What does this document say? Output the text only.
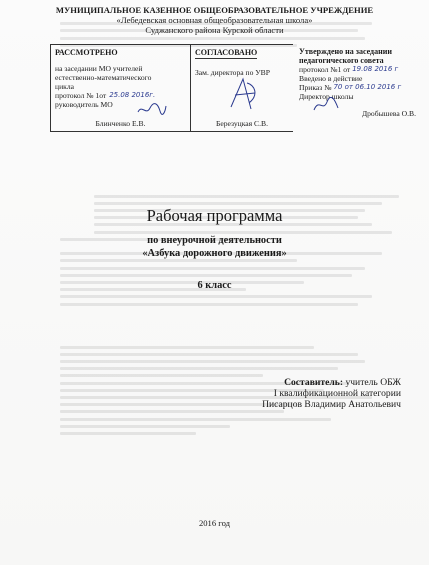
МУНИЦИПАЛЬНОЕ КАЗЕННОЕ ОБЩЕОБРАЗОВАТЕЛЬНОЕ УЧРЕЖДЕНИЕ
«Лебедевская основная общеобразовательная школа»
Суджанского района Курской области
РАССМОТРЕНО
на заседании МО учителей
естественно-математического
цикла
протокол № 1от 25.08 2016г.
руководитель МО
Блинченко Е.В.
СОГЛАСОВАНО
Зам. директора по УВР
Березуцкая С.В.
Утверждено на заседании педагогического совета
протокол №1 от 19.08 2016 г
Введено в действие
Приказ № 70 от 06.10 2016 г
Директор школы
Дробышева О.В.
Рабочая программа
по внеурочной деятельности
«Азбука дорожного движения»
6 класс
Составитель: учитель ОБЖ
I квалификационной категории
Писарцов Владимир Анатольевич
2016 год
